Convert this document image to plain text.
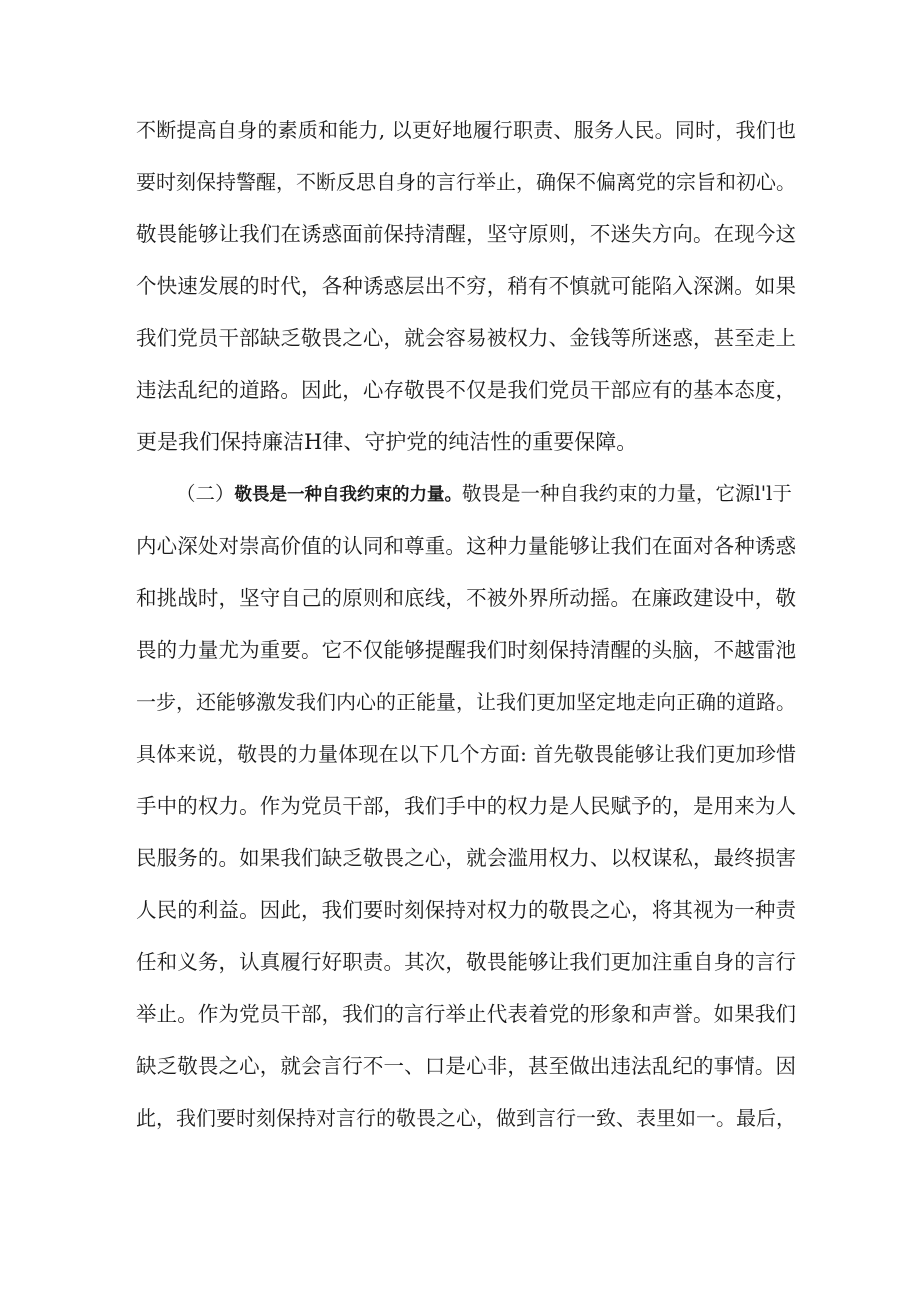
不断提高自身的素质和能力, 以更好地履行职责、服务人民。同时，我们也
要时刻保持警醒，不断反思自身的言行举止，确保不偏离党的宗旨和初心。
敬畏能够让我们在诱惑面前保持清醒，坚守原则，不迷失方向。在现今这
个快速发展的时代，各种诱惑层出不穷，稍有不慎就可能陷入深渊。如果
我们党员干部缺乏敬畏之心，就会容易被权力、金钱等所迷惑，甚至走上
违法乱纪的道路。因此，心存敬畏不仅是我们党员干部应有的基本态度，
更是我们保持廉洁H律、守护党的纯洁性的重要保障。
（二）敬畏是一种自我约束的力量。敬畏是一种自我约束的力量，它源l'l于
内心深处对崇高价值的认同和尊重。这种力量能够让我们在面对各种诱惑
和挑战时，坚守自己的原则和底线，不被外界所动摇。在廉政建设中，敬
畏的力量尤为重要。它不仅能够提醒我们时刻保持清醒的头脑，不越雷池
一步，还能够激发我们内心的正能量，让我们更加坚定地走向正确的道路。
具体来说，敬畏的力量体现在以下几个方面: 首先敬畏能够让我们更加珍惜
手中的权力。作为党员干部，我们手中的权力是人民赋予的，是用来为人
民服务的。如果我们缺乏敬畏之心，就会滥用权力、以权谋私，最终损害
人民的利益。因此，我们要时刻保持对权力的敬畏之心，将其视为一种责
任和义务，认真履行好职责。其次，敬畏能够让我们更加注重自身的言行
举止。作为党员干部，我们的言行举止代表着党的形象和声誉。如果我们
缺乏敬畏之心，就会言行不一、口是心非，甚至做出违法乱纪的事情。因
此，我们要时刻保持对言行的敬畏之心，做到言行一致、表里如一。最后，
